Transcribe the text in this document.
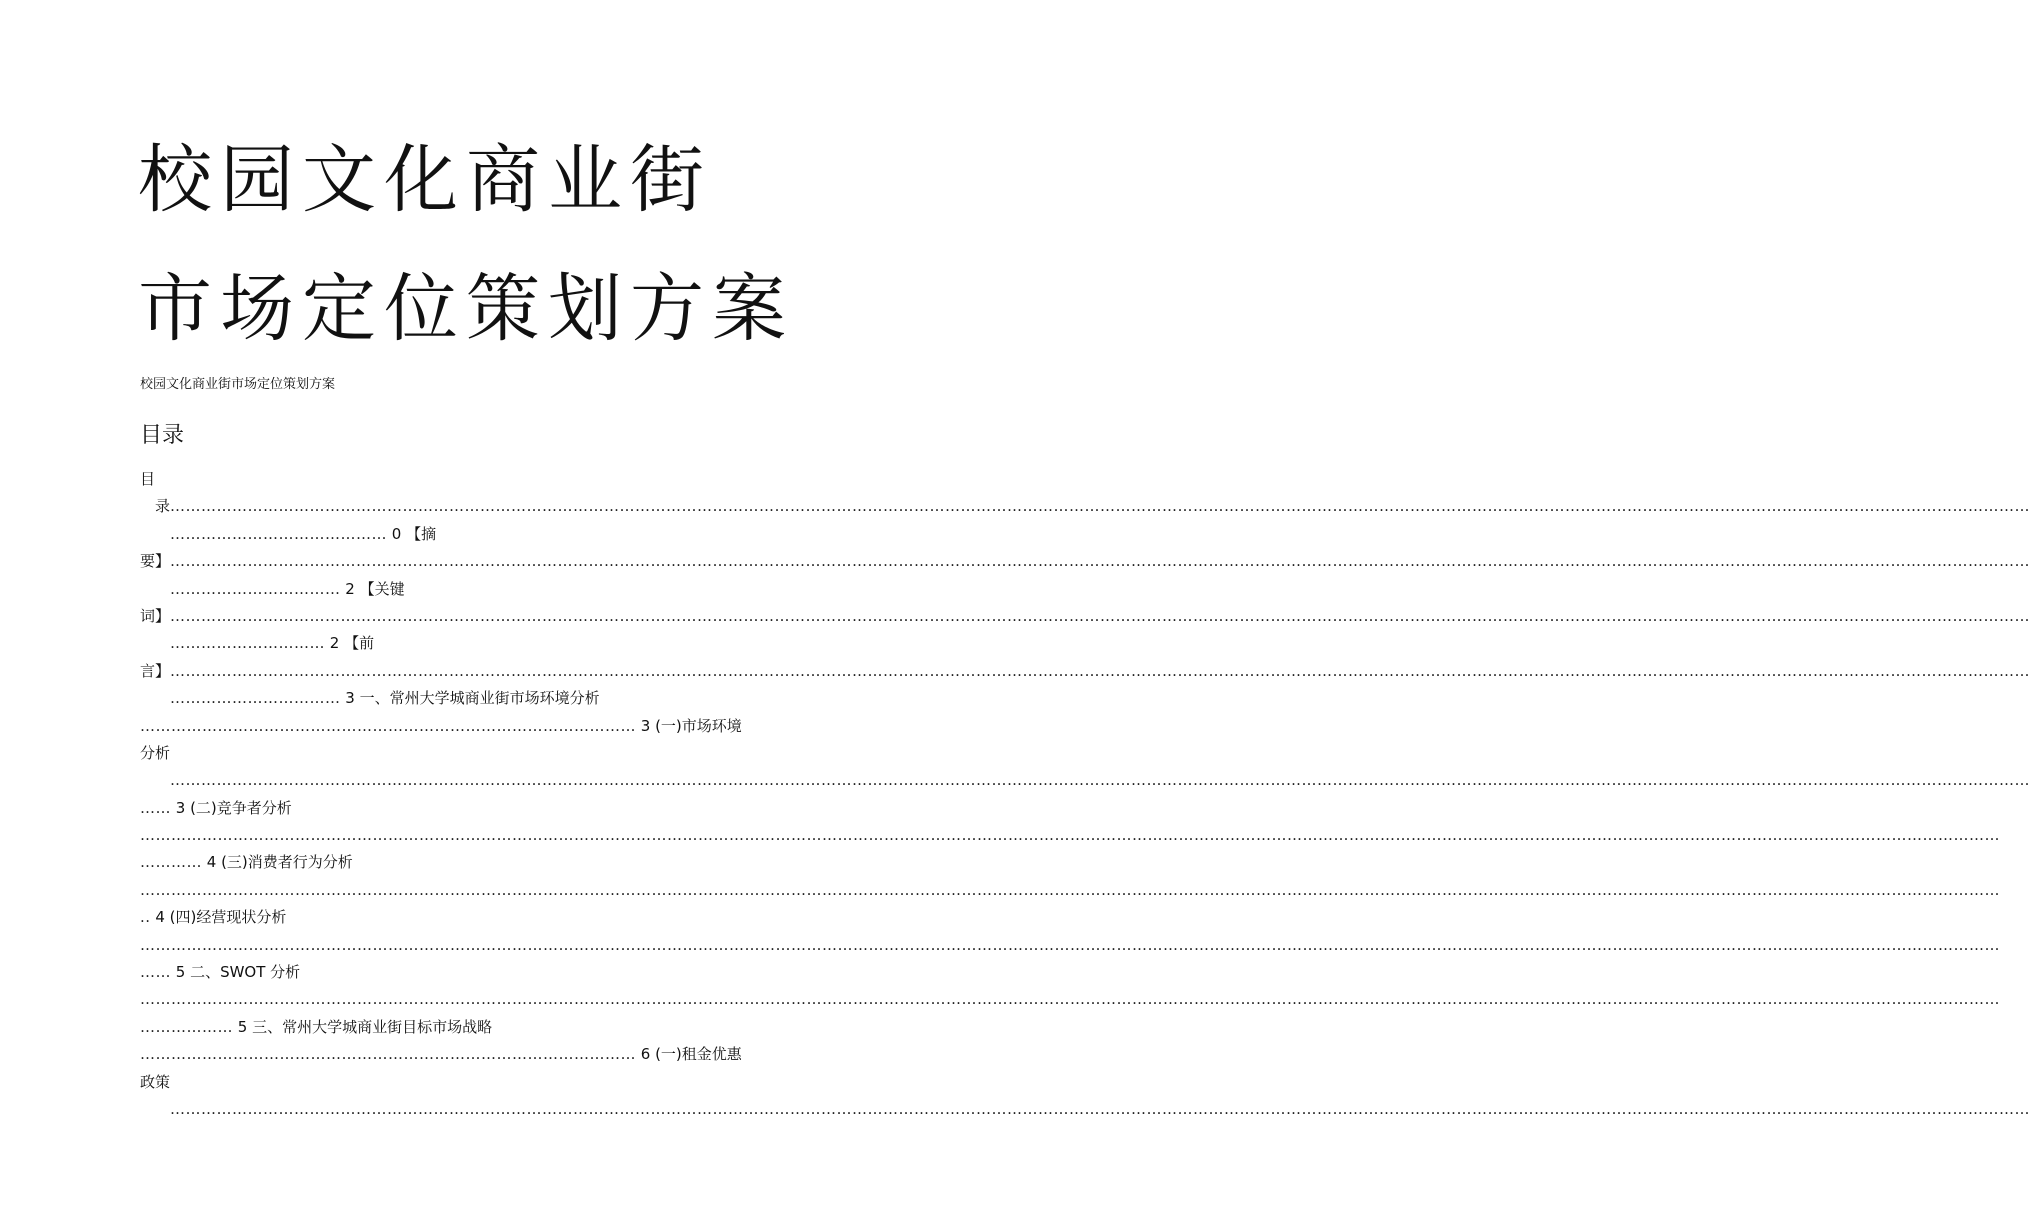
校园文化商业街
市场定位策划方案
校园文化商业街市场定位策划方案
目录
目
录 ………………………………………………………………………………………………………………………………………………………………………………………………………………………………………………………………………………………………………………………………
…………………………………… 0 【摘
要】 ………………………………………………………………………………………………………………………………………………………………………………………………………………………………………………………………………………………………………………………………
…………………………… 2 【关键
词】 ………………………………………………………………………………………………………………………………………………………………………………………………………………………………………………………………………………………………………………………………
………………………… 2 【前
言】 ………………………………………………………………………………………………………………………………………………………………………………………………………………………………………………………………………………………………………………………………
…………………………… 3 一、常州大学城商业街市场环境分析
…………………………………………………………………………………… 3 (一)市场环境
分析
………………………………………………………………………………………………………………………………………………………………………………………………………………………………………………………………………………………………………………………………
…… 3 (二)竞争者分析
………………………………………………………………………………………………………………………………………………………………………………………………………………………………………………………………………………………………………………………………
………… 4 (三)消费者行为分析
………………………………………………………………………………………………………………………………………………………………………………………………………………………………………………………………………………………………………………………………
.. 4 (四)经营现状分析
………………………………………………………………………………………………………………………………………………………………………………………………………………………………………………………………………………………………………………………………
…… 5 二、SWOT 分析
………………………………………………………………………………………………………………………………………………………………………………………………………………………………………………………………………………………………………………………………
……………… 5 三、常州大学城商业街目标市场战略
…………………………………………………………………………………… 6 (一)租金优惠
政策
………………………………………………………………………………………………………………………………………………………………………………………………………………………………………………………………………………………………………………………………
